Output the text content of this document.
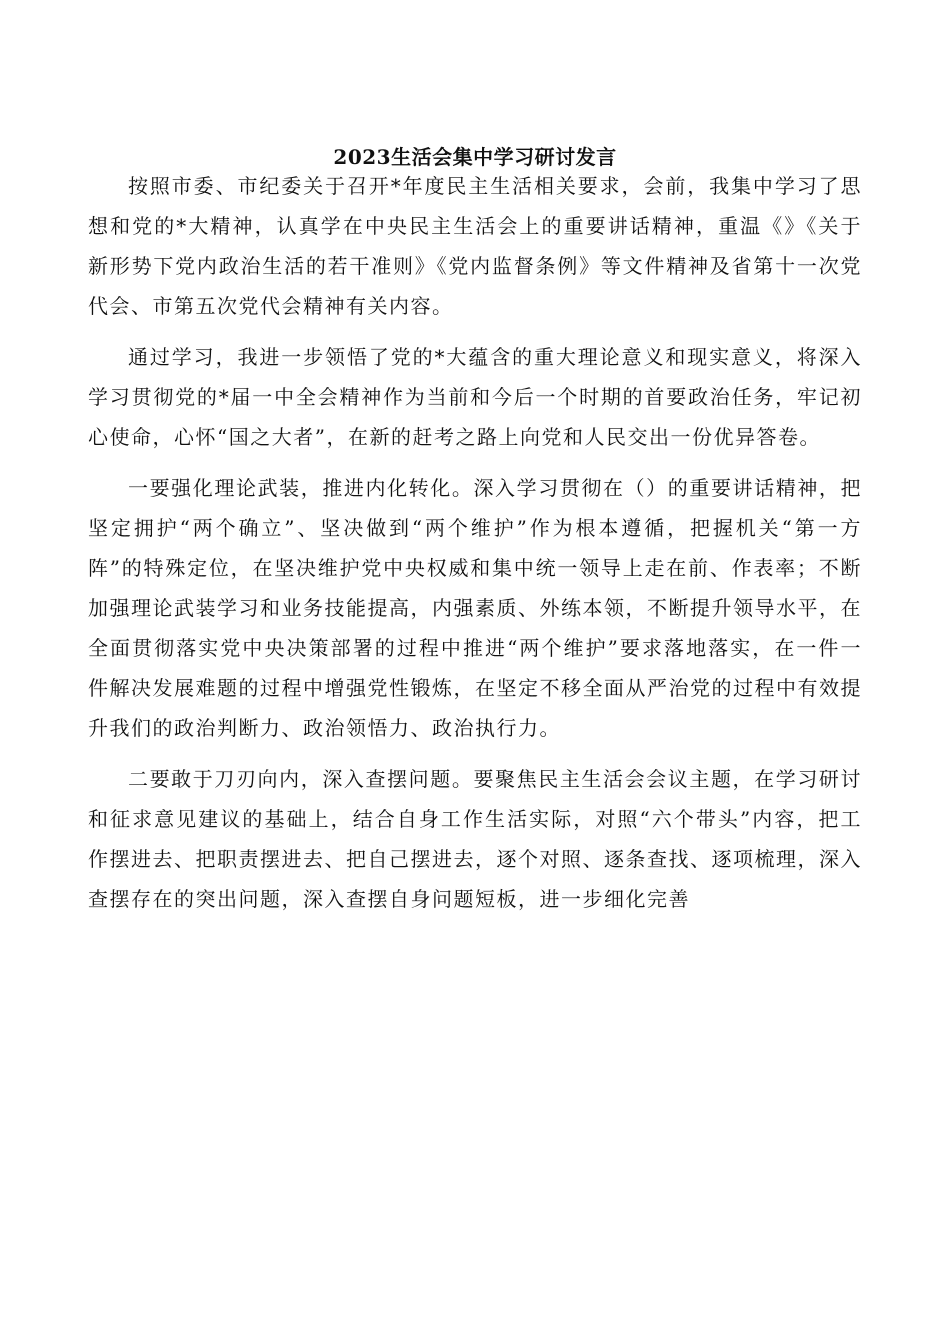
2023生活会集中学习研讨发言

按照市委、市纪委关于召开*年度民主生活相关要求，会前，我集中学习了思想和党的*大精神，认真学在中央民主生活会上的重要讲话精神，重温《》《关于新形势下党内政治生活的若干准则》《党内监督条例》等文件精神及省第十一次党代会、市第五次党代会精神有关内容。

通过学习，我进一步领悟了党的*大蕴含的重大理论意义和现实意义，将深入学习贯彻党的*届一中全会精神作为当前和今后一个时期的首要政治任务，牢记初心使命，心怀“国之大者”，在新的赶考之路上向党和人民交出一份优异答卷。

一要强化理论武装，推进内化转化。深入学习贯彻在（）的重要讲话精神，把坚定拥护“两个确立”、坚决做到“两个维护”作为根本遵循，把握机关“第一方阵”的特殊定位，在坚决维护党中央权威和集中统一领导上走在前、作表率；不断加强理论武装学习和业务技能提高，内强素质、外练本领，不断提升领导水平，在全面贯彻落实党中央决策部署的过程中推进“两个维护”要求落地落实，在一件一件解决发展难题的过程中增强党性锻炼，在坚定不移全面从严治党的过程中有效提升我们的政治判断力、政治领悟力、政治执行力。

二要敢于刀刃向内，深入查摆问题。要聚焦民主生活会会议主题，在学习研讨和征求意见建议的基础上，结合自身工作生活实际，对照“六个带头”内容，把工作摆进去、把职责摆进去、把自己摆进去，逐个对照、逐条查找、逐项梳理，深入查摆存在的突出问题，深入查摆自身问题短板，进一步细化完善
